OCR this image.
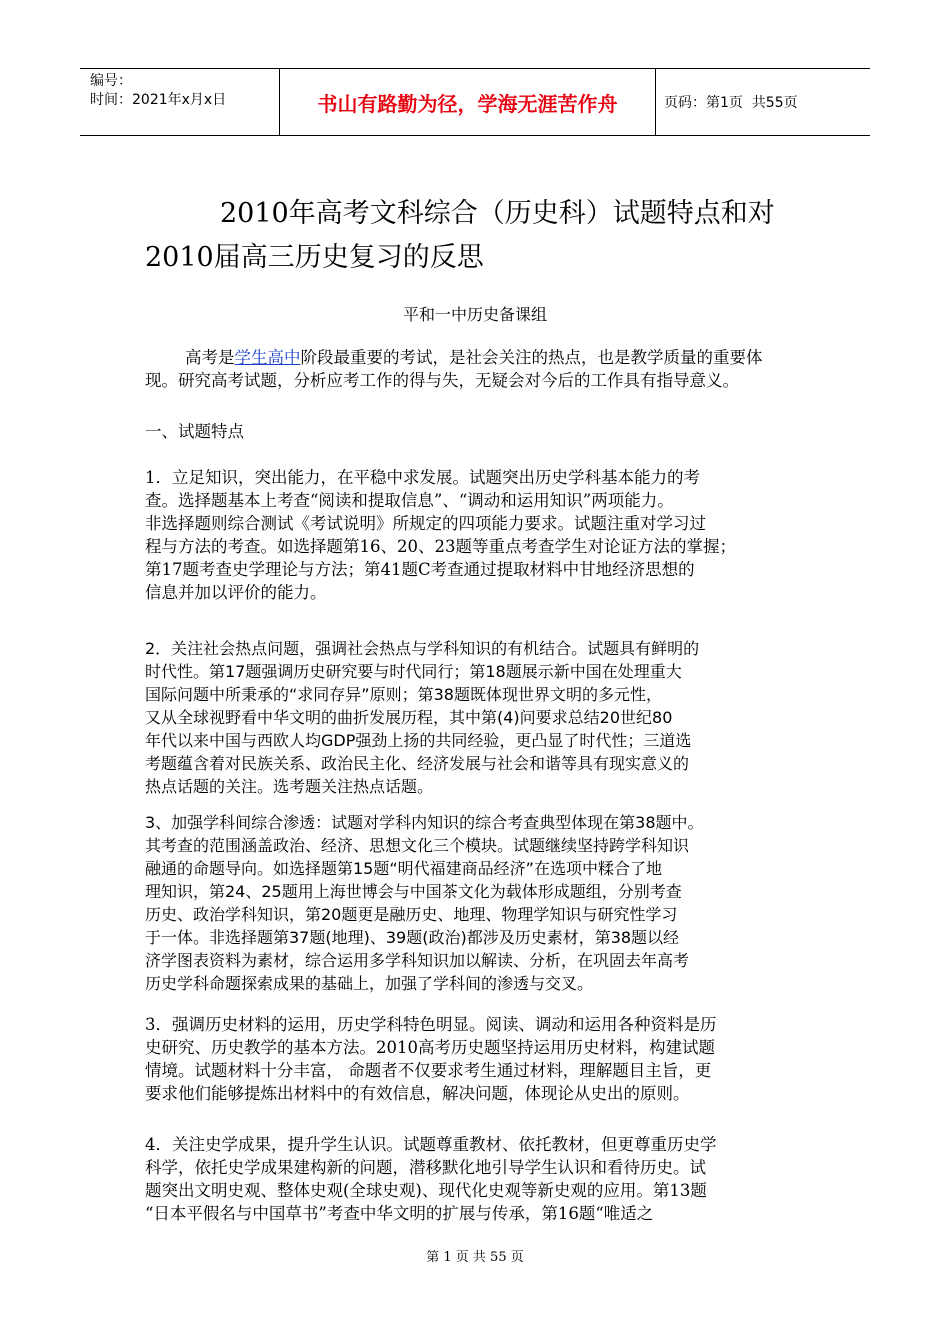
编号：
时间：2021年x月x日	书山有路勤为径，学海无涯苦作舟	页码：第1页  共55页
2010年高考文科综合（历史科）试题特点和对
2010届高三历史复习的反思
平和一中历史备课组

高考是学生高中阶段最重要的考试，是社会关注的热点，也是教学质量的重要体

现。研究高考试题，分析应考工作的得与失，无疑会对今后的工作具有指导意义。

一、试题特点

1．立足知识，突出能力，在平稳中求发展。试题突出历史学科基本能力的考

查。选择题基本上考查“阅读和提取信息”、“调动和运用知识”两项能力。

非选择题则综合测试《考试说明》所规定的四项能力要求。试题注重对学习过

程与方法的考查。如选择题第16、20、23题等重点考查学生对论证方法的掌握；

第17题考查史学理论与方法；第41题C考查通过提取材料中甘地经济思想的

信息并加以评价的能力。

2．关注社会热点问题，强调社会热点与学科知识的有机结合。试题具有鲜明的

时代性。第17题强调历史研究要与时代同行；第18题展示新中国在处理重大

国际问题中所秉承的“求同存异”原则；第38题既体现世界文明的多元性，

又从全球视野看中华文明的曲折发展历程，其中第(4)问要求总结20世纪80

年代以来中国与西欧人均GDP强劲上扬的共同经验，更凸显了时代性；三道选

考题蕴含着对民族关系、政治民主化、经济发展与社会和谐等具有现实意义的

热点话题的关注。选考题关注热点话题。

3、加强学科间综合渗透：试题对学科内知识的综合考查典型体现在第38题中。

其考查的范围涵盖政治、经济、思想文化三个模块。试题继续坚持跨学科知识

融通的命题导向。如选择题第15题“明代福建商品经济”在选项中糅合了地

理知识，第24、25题用上海世博会与中国茶文化为载体形成题组，分别考查

历史、政治学科知识，第20题更是融历史、地理、物理学知识与研究性学习

于一体。非选择题第37题(地理)、39题(政治)都涉及历史素材，第38题以经

济学图表资料为素材，综合运用多学科知识加以解读、分析，在巩固去年高考

历史学科命题探索成果的基础上，加强了学科间的渗透与交叉。

3．强调历史材料的运用，历史学科特色明显。阅读、调动和运用各种资料是历

史研究、历史教学的基本方法。2010高考历史题坚持运用历史材料，构建试题

情境。试题材料十分丰富， 命题者不仅要求考生通过材料，理解题目主旨，更

要求他们能够提炼出材料中的有效信息，解决问题，体现论从史出的原则。

4．关注史学成果，提升学生认识。试题尊重教材、依托教材，但更尊重历史学

科学，依托史学成果建构新的问题，潜移默化地引导学生认识和看待历史。试

题突出文明史观、整体史观(全球史观)、现代化史观等新史观的应用。第13题

“日本平假名与中国草书”考查中华文明的扩展与传承，第16题“唯适之

第 1 页 共 55 页
